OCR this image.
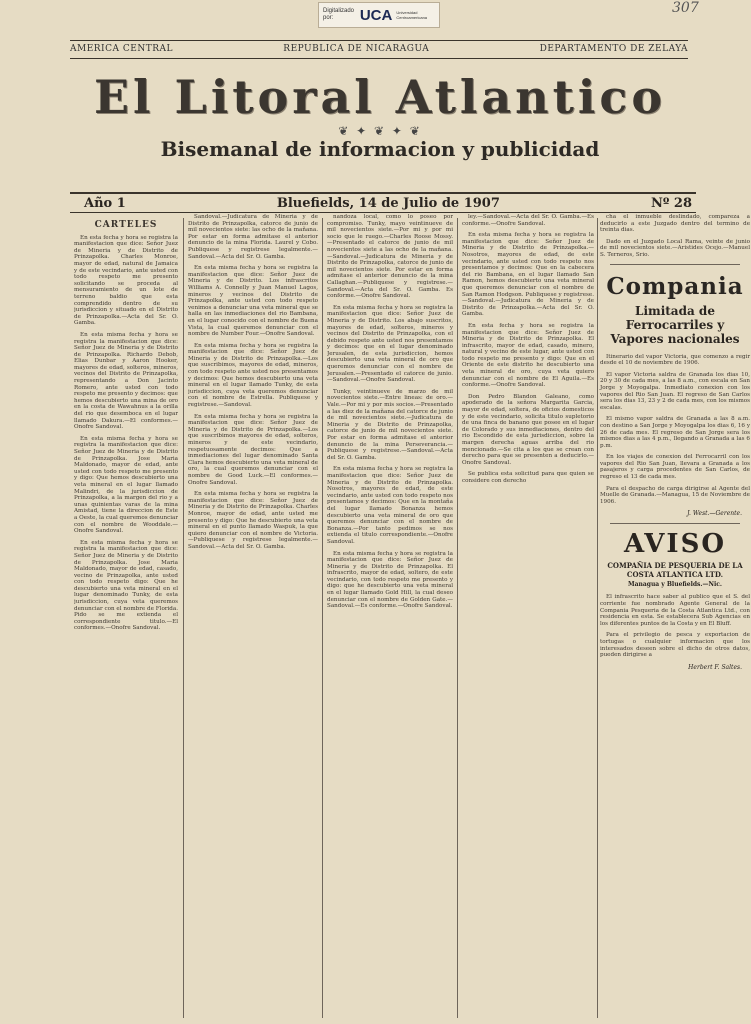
Digitalizado por:	UCA Universidad Centroamericana
307
AMERICA CENTRAL	REPUBLICA DE NICARAGUA	DEPARTAMENTO DE ZELAYA
El Litoral Atlantico
❦ ✦ ❦ ✦ ❦
Bisemanal de informacion y publicidad
Año 1	Bluefields, 14 de Julio de 1907	Nº 28
CARTELES

En esta fecha y hora se registra la manifestacion que dice: Señor Juez de Mineria y de Distrito de Prinzapolka. Charles Monroe, mayor de edad, natural de Jamaica y de este vecindario, ante usted con todo respeto me presento solicitando se proceda al mensuramiento de un lote de terreno baldio que esta comprendido dentro de su jurisdiccion y situado en el Distrito de Prinzapolka.—Acta del Sr. O. Gamba.

En esta misma fecha y hora se registra la manifestacion que dice: Señor Juez de Mineria y de Distrito de Prinzapolka. Richardo Debob, Elias Dunbar y Aaron Hooker, mayores de edad, solteros, mineros, vecinos del Distrito de Prinzapolka, representando a Don Jacinto Romero, ante usted con todo respeto me presento y decimos: que hemos descubierto una mina de oro en la costa de Wawahnus a la orilla del rio que desemboca en el lugar llamado Dakura.—El conformes.—Onofre Sandoval.

En esta misma fecha y hora se registra la manifestacion que dice: Señor Juez de Mineria y de Distrito de Prinzapolka. Jose Maria Maldonado, mayor de edad, ante usted con todo respeto me presento y digo: Que hemos descubierto una veta mineral en el lugar llamado Malindri, de la jurisdiccion de Prinzapolka, a la margen del rio y a unas quinientas varas de la mina Amistad, tiene la direccion de Este a Oeste, la cual queremos denunciar con el nombre de Wooddale.—Onofre Sandoval.

En esta misma fecha y hora se registra la manifestacion que dice: Señor Juez de Mineria y de Distrito de Prinzapolka. Jose Maria Maldonado, mayor de edad, casado, vecino de Prinzapolka, ante usted con todo respeto digo: Que he descubierto una veta mineral en el lugar denominado Tunky, de esta jurisdiccion, cuya veta queremos denunciar con el nombre de Florida. Pido se me extienda el correspondiente titulo.—El conformes.—Onofre Sandoval.

Sandoval.—Judicatura de Mineria y de Distrito de Prinzapolka, catorce de junio de mil novecientos siete: las ocho de la mañana. Por estar en forma admitase el anterior denuncio de la mina Florida. Laurel y Cobo. Publiquese y registrese legalmente.—Sandoval.—Acta del Sr. O. Gamba.

En esta misma fecha y hora se registra la manifestacion que dice: Señor Juez de Mineria y de Distrito. Los infrascritos Williams A. Connelly y Juan Manuel Lagos, mineros y vecinos del Distrito de Prinzapolka, ante usted con todo respeto venimos a denunciar una veta mineral que se halla en las inmediaciones del rio Bambana, en el lugar conocido con el nombre de Buena Vista, la cual queremos denunciar con el nombre de Number Four.—Onofre Sandoval.

En esta misma fecha y hora se registra la manifestacion que dice: Señor Juez de Mineria y de Distrito de Prinzapolka.—Los que suscribimos, mayores de edad, mineros, con todo respeto ante usted nos presentamos y decimos: Que hemos descubierto una veta mineral en el lugar llamado Tunky, de esta jurisdiccion, cuya veta queremos denunciar con el nombre de Estrella. Publiquese y registrese.—Sandoval.

En esta misma fecha y hora se registra la manifestacion que dice: Señor Juez de Mineria y de Distrito de Prinzapolka.—Los que suscribimos mayores de edad, solteros, mineros y de este vecindario, respetuosamente decimos: Que a inmediaciones del lugar denominado Santa Clara hemos descubierto una veta mineral de oro, la cual queremos denunciar con el nombre de Good Luck.—El conformes.—Onofre Sandoval.

En esta misma fecha y hora se registra la manifestacion que dice: Señor Juez de Mineria y de Distrito de Prinzapolka. Charles Monroe, mayor de edad, ante usted me presento y digo: Que he descubierto una veta mineral en el punto llamado Waspuk, la que quiero denunciar con el nombre de Victoria.—Publiquese y registrese legalmente.—Sandoval.—Acta del Sr. O. Gamba.

nandoza local, como lo poseo por compromiso. Tunky, mayo veintinueve de mil novecientos siete.—Por mi y por mi socio que le ruego.—Charles Roose Mossy.—Presentado el catorce de junio de mil novecientos siete a las ocho de la mañana.—Sandoval.—Judicatura de Mineria y de Distrito de Prinzapolka, catorce de junio de mil novecientos siete. Por estar en forma admitase el anterior denuncio de la mina Callaghan.—Publiquese y registrese.—Sandoval.—Acta del Sr. O. Gamba. Es conforme.—Onofre Sandoval.

En esta misma fecha y hora se registra la manifestacion que dice: Señor Juez de Mineria y de Distrito. Los abajo suscritos, mayores de edad, solteros, mineros y vecinos del Distrito de Prinzapolka, con el debido respeto ante usted nos presentamos y decimos: que en el lugar denominado Jerusalen, de esta jurisdiccion, hemos descubierto una veta mineral de oro que queremos denunciar con el nombre de Jerusalen.—Presentado el catorce de junio.—Sandoval.—Onofre Sandoval.

Tunky, veintinueve de marzo de mil novecientos siete.—Entre lineas: de oro.—Vale.—Por mi y por mis socios.—Presentado a las diez de la mañana del catorce de junio de mil novecientos siete.—Judicatura de Mineria y de Distrito de Prinzapolka, catorce de junio de mil novecientos siete. Por estar en forma admitase el anterior denuncio de la mina Perseverancia.—Publiquese y registrese.—Sandoval.—Acta del Sr. O. Gamba.

En esta misma fecha y hora se registra la manifestacion que dice: Señor Juez de Mineria y de Distrito de Prinzapolka. Nosotros, mayores de edad, de este vecindario, ante usted con todo respeto nos presentamos y decimos: Que en la montaña del lugar llamado Bonanza hemos descubierto una veta mineral de oro que queremos denunciar con el nombre de Bonanza.—Por tanto pedimos se nos extienda el titulo correspondiente.—Onofre Sandoval.

En esta misma fecha y hora se registra la manifestacion que dice: Señor Juez de Mineria y de Distrito de Prinzapolka. El infrascrito, mayor de edad, soltero, de este vecindario, con todo respeto me presento y digo: que he descubierto una veta mineral en el lugar llamado Gold Hill, la cual deseo denunciar con el nombre de Golden Gate.—Sandoval.—Es conforme.—Onofre Sandoval.

ley.—Sandoval.—Acta del Sr. O. Gamba.—Es conforme.—Onofre Sandoval.

En esta misma fecha y hora se registra la manifestacion que dice: Señor Juez de Mineria y de Distrito de Prinzapolka.—Nosotros, mayores de edad, de este vecindario, ante usted con todo respeto nos presentamos y decimos: Que en la cabecera del rio Bambana, en el lugar llamado San Ramon, hemos descubierto una veta mineral que queremos denunciar con el nombre de San Ramon Hodgson. Publiquese y registrese.—Sandoval.—Judicatura de Mineria y de Distrito de Prinzapolka.—Acta del Sr. O. Gamba.

En esta fecha y hora se registra la manifestacion que dice: Señor Juez de Mineria y de Distrito de Prinzapolka. El infrascrito, mayor de edad, casado, minero, natural y vecino de este lugar, ante usted con todo respeto me presento y digo: Que en el Oriente de este distrito he descubierto una veta mineral de oro, cuya veta quiero denunciar con el nombre de El Aguila.—Es conforme.—Onofre Sandoval.

Don Pedro Blandon Galeano, como apoderado de la señora Margarita Garcia, mayor de edad, soltera, de oficios domesticos y de este vecindario, solicita titulo supletorio de una finca de banano que posee en el lugar de Colorado y sus inmediaciones, dentro del rio Escondido de esta jurisdiccion, sobre la margen derecha aguas arriba del rio mencionado.—Se cita a los que se crean con derecho para que se presenten a deducirlo.—Onofre Sandoval.

Se publica esta solicitud para que quien se considere con derecho

cha el inmueble deslindado, compareza a deducirlo a este Juzgado dentro del termino de treinta dias.

Dado en el Juzgado Local Rama, veinte de junio de mil novecientos siete.—Aristides Ocejo.—Manuel S. Terneros, Srio.

Compania
Limitada de Ferrocarriles y Vapores nacionales

Itinerario del vapor Victoria, que comenzo a regir desde el 10 de noviembre de 1906.

El vapor Victoria saldra de Granada los dias 10, 20 y 30 de cada mes, a las 8 a.m., con escala en San Jorge y Moyogalpa. Inmediato conexion con los vapores del Rio San Juan. El regreso de San Carlos sera los dias 13, 23 y 2 de cada mes, con los mismos escalas.

El mismo vapor saldra de Granada a las 8 a.m. con destino a San Jorge y Moyogalpa los dias 6, 16 y 26 de cada mes. El regreso de San Jorge sera los mismos dias a las 4 p.m., llegando a Granada a las 6 p.m.

En los viajes de conexion del Ferrocarril con los vapores del Rio San Juan, llevara a Granada a los pasajeros y carga procedentes de San Carlos, de regreso el 13 de cada mes.

Para el despacho de carga dirigirse al Agente del Muelle de Granada.—Managua, 15 de Noviembre de 1906.

J. West.—Gerente.
AVISO
COMPAÑIA DE PESQUERIA DE LA COSTA ATLANTICA LTD.
Managua y Bluefields.—Nic.

El infrascrito hace saber al publico que el S. del corriente fue nombrado Agente General de la Compania Pesqueria de la Costa Atlantica Ltd., con residencia en esta. Se establecera Sub Agencias en los diferentes puntos de la Costa y en El Bluff.

Para el privilegio de pesca y exportacion de tortugas o cualquier informacion que los interesados deseen sobre el dicho de otros datos, pueden dirigirse a

Herbert F. Saltes.
